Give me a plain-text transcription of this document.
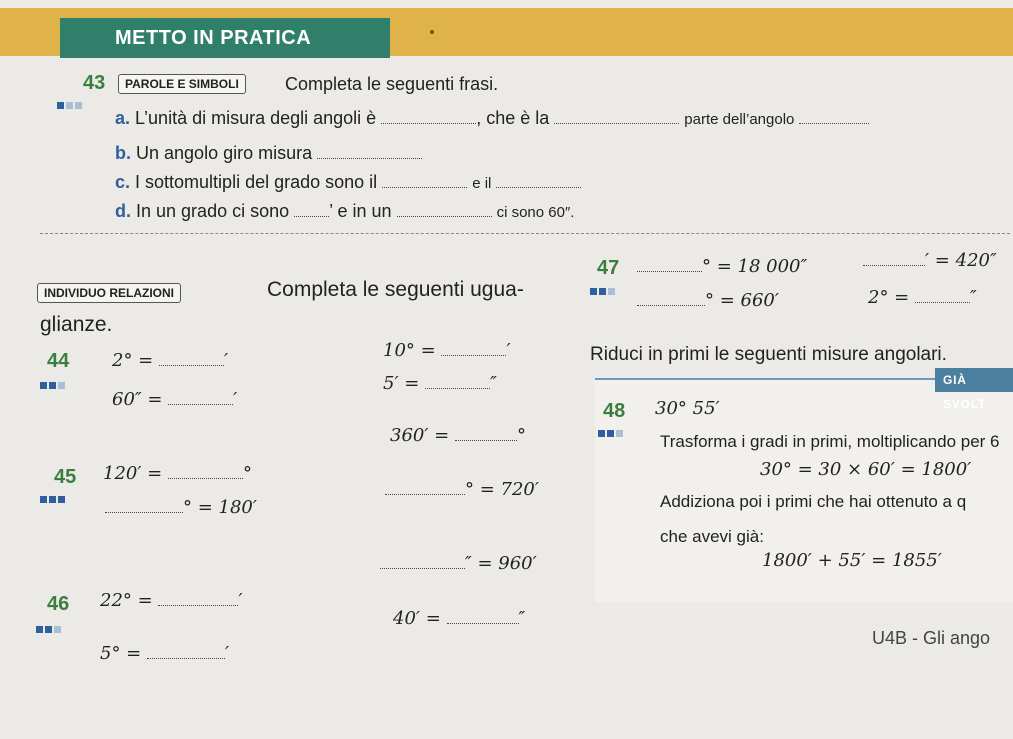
METTO IN PRATICA
43	PAROLE E SIMBOLI	Completa le seguenti frasi.
a. L’unità di misura degli angoli è	, che è la	parte dell’angolo
b. Un angolo giro misura
c. I sottomultipli del grado sono il	e il
d. In un grado ci sono ’ e in un	ci sono 60″.
INDIVIDUO RELAZIONI	Completa le seguenti ugua-
glianze.
44 2° =	′
60″ =	′
10° =	′
5′ =	″
45 120′ =	°
° = 180′
360′ =	°
° = 720′
″ = 960′
46 22° =	′
5° =	′
40′ =	″
47	° = 18 000″	′ = 420″
° = 660′	2° =	″
Riduci in primi le seguenti misure angolari.
GIÀ SVOLT
48 30° 55′
Trasforma i gradi in primi, moltiplicando per 6
30° = 30 × 60′ = 1800′
Addiziona poi i primi che hai ottenuto a q
che avevi già:
1800′ + 55′ = 1855′
U4B - Gli ango
